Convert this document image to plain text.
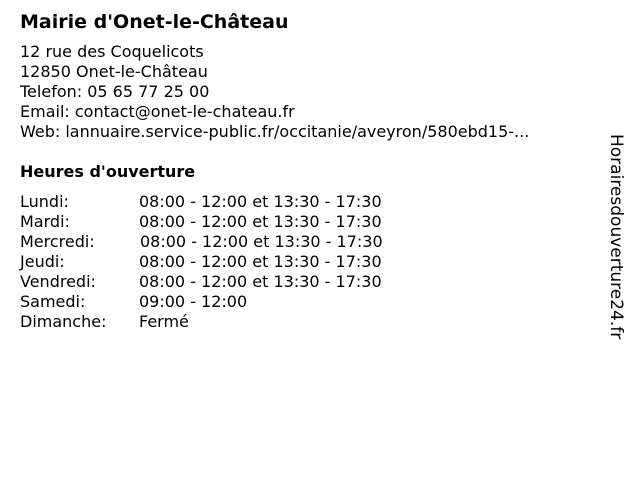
Mairie d'Onet-le-Château
12 rue des Coquelicots
12850 Onet-le-Château
Telefon: 05 65 77 25 00
Email: contact@onet-le-chateau.fr
Web: lannuaire.service-public.fr/occitanie/aveyron/580ebd15-...
Heures d'ouverture
Lundi:	08:00 - 12:00 et 13:30 - 17:30
Mardi:	08:00 - 12:00 et 13:30 - 17:30
Mercredi:	08:00 - 12:00 et 13:30 - 17:30
Jeudi:	08:00 - 12:00 et 13:30 - 17:30
Vendredi:	08:00 - 12:00 et 13:30 - 17:30
Samedi:	09:00 - 12:00
Dimanche: Fermé	Horairesdouverture24.fr
